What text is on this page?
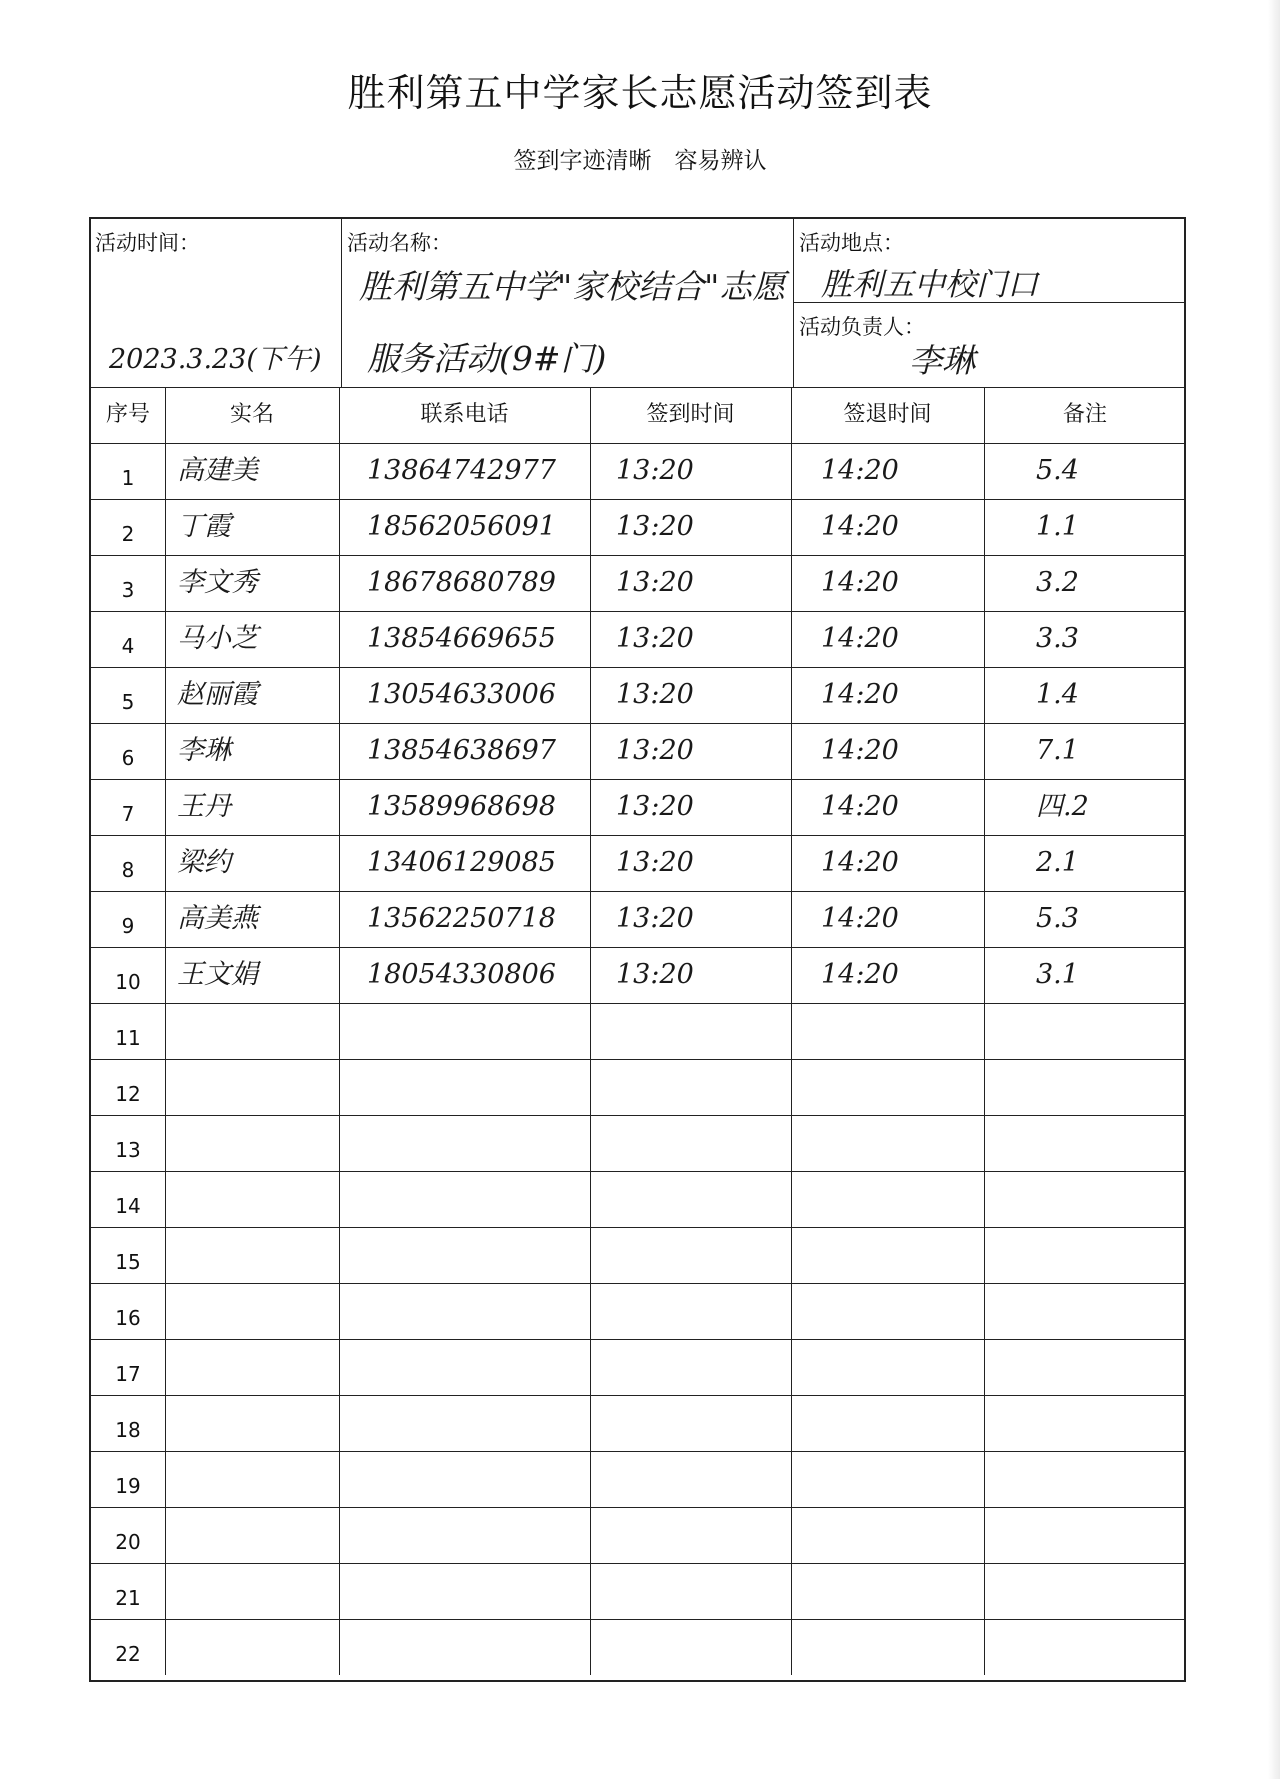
胜利第五中学家长志愿活动签到表
签到字迹清晰　容易辨认
活动时间：
2023.3.23(下午)
活动名称：
胜利第五中学"家校结合"志愿
服务活动(9#门)
活动地点：
胜利五中校门口
活动负责人：
李琳
序号	实名	联系电话	签到时间	签退时间	备注
1	高建美	13864742977	13:20	14:20	5.4
2	丁霞	18562056091	13:20	14:20	1.1
3	李文秀	18678680789	13:20	14:20	3.2
4	马小芝	13854669655	13:20	14:20	3.3
5	赵丽霞	13054633006	13:20	14:20	1.4
6	李琳	13854638697	13:20	14:20	7.1
7	王丹	13589968698	13:20	14:20	四.2
8	梁约	13406129085	13:20	14:20	2.1
9	高美燕	13562250718	13:20	14:20	5.3
10	王文娟	18054330806	13:20	14:20	3.1
11
12
13
14
15
16
17
18
19
20
21
22
